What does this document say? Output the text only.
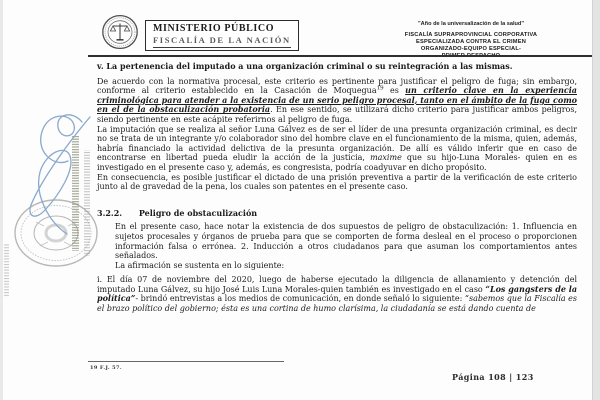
MINISTERIO PÚBLICO
FISCALÍA DE LA NACIÓN
"Año de la universalización de la salud"
FISCALÍA SUPRAPROVINCIAL CORPORATIVA
ESPECIALIZADA CONTRA EL CRIMEN
ORGANIZADO-EQUIPO ESPECIAL-
v. La pertenencia del imputado a una organización criminal o su reintegración a las mismas.
De acuerdo con la normativa procesal, este criterio es pertinente para justificar el peligro de fuga; sin embargo, conforme al criterio establecido en la Casación de Moquegua$^{19}$ es un criterio clave en la experiencia criminológica para atender a la existencia de un serio peligro procesal, tanto en el ámbito de la fuga como en el de la obstaculización probatoria. En ese sentido, se utilizará dicho criterio para justificar ambos peligros, siendo pertinente en este acápite referirnos al peligro de fuga.
La imputación que se realiza al señor Luna Gálvez es de ser el líder de una presunta organización criminal, es decir no se trata de un integrante y/o colaborador sino del hombre clave en el funcionamiento de la misma, quien, además, habría financiado la actividad delictiva de la presunta organización. De allí es válido inferir que en caso de encontrarse en libertad pueda eludir la acción de la justicia, maxime que su hijo-Luna Morales- quien en es investigado en el presente caso y, además, es congresista, podría coadyuvar en dicho propósito.
En consecuencia, es posible justificar el dictado de una prisión preventiva a partir de la verificación de este criterio junto al de gravedad de la pena, los cuales son patentes en el presente caso.
3.2.2. Peligro de obstaculización
En el presente caso, hace notar la existencia de dos supuestos de peligro de obstaculización: 1. Influencia en sujetos procesales y órganos de prueba para que se comporten de forma desleal en el proceso o proporcionen información falsa o errónea. 2. Inducción a otros ciudadanos para que asuman los comportamientos antes señalados.
La afirmación se sustenta en lo siguiente:
i. El día 07 de noviembre del 2020, luego de haberse ejecutado la diligencia de allanamiento y detención del imputado Luna Gálvez, su hijo José Luis Luna Morales-quien también es investigado en el caso “Los gangsters de la política”- brindó entrevistas a los medios de comunicación, en donde señaló lo siguiente: “sabemos que la Fiscalía es el brazo político del gobierno; ésta es una cortina de humo clarísima, la ciudadanía se está dando cuenta de
19 F.J. 57.
Página 108 | 123
